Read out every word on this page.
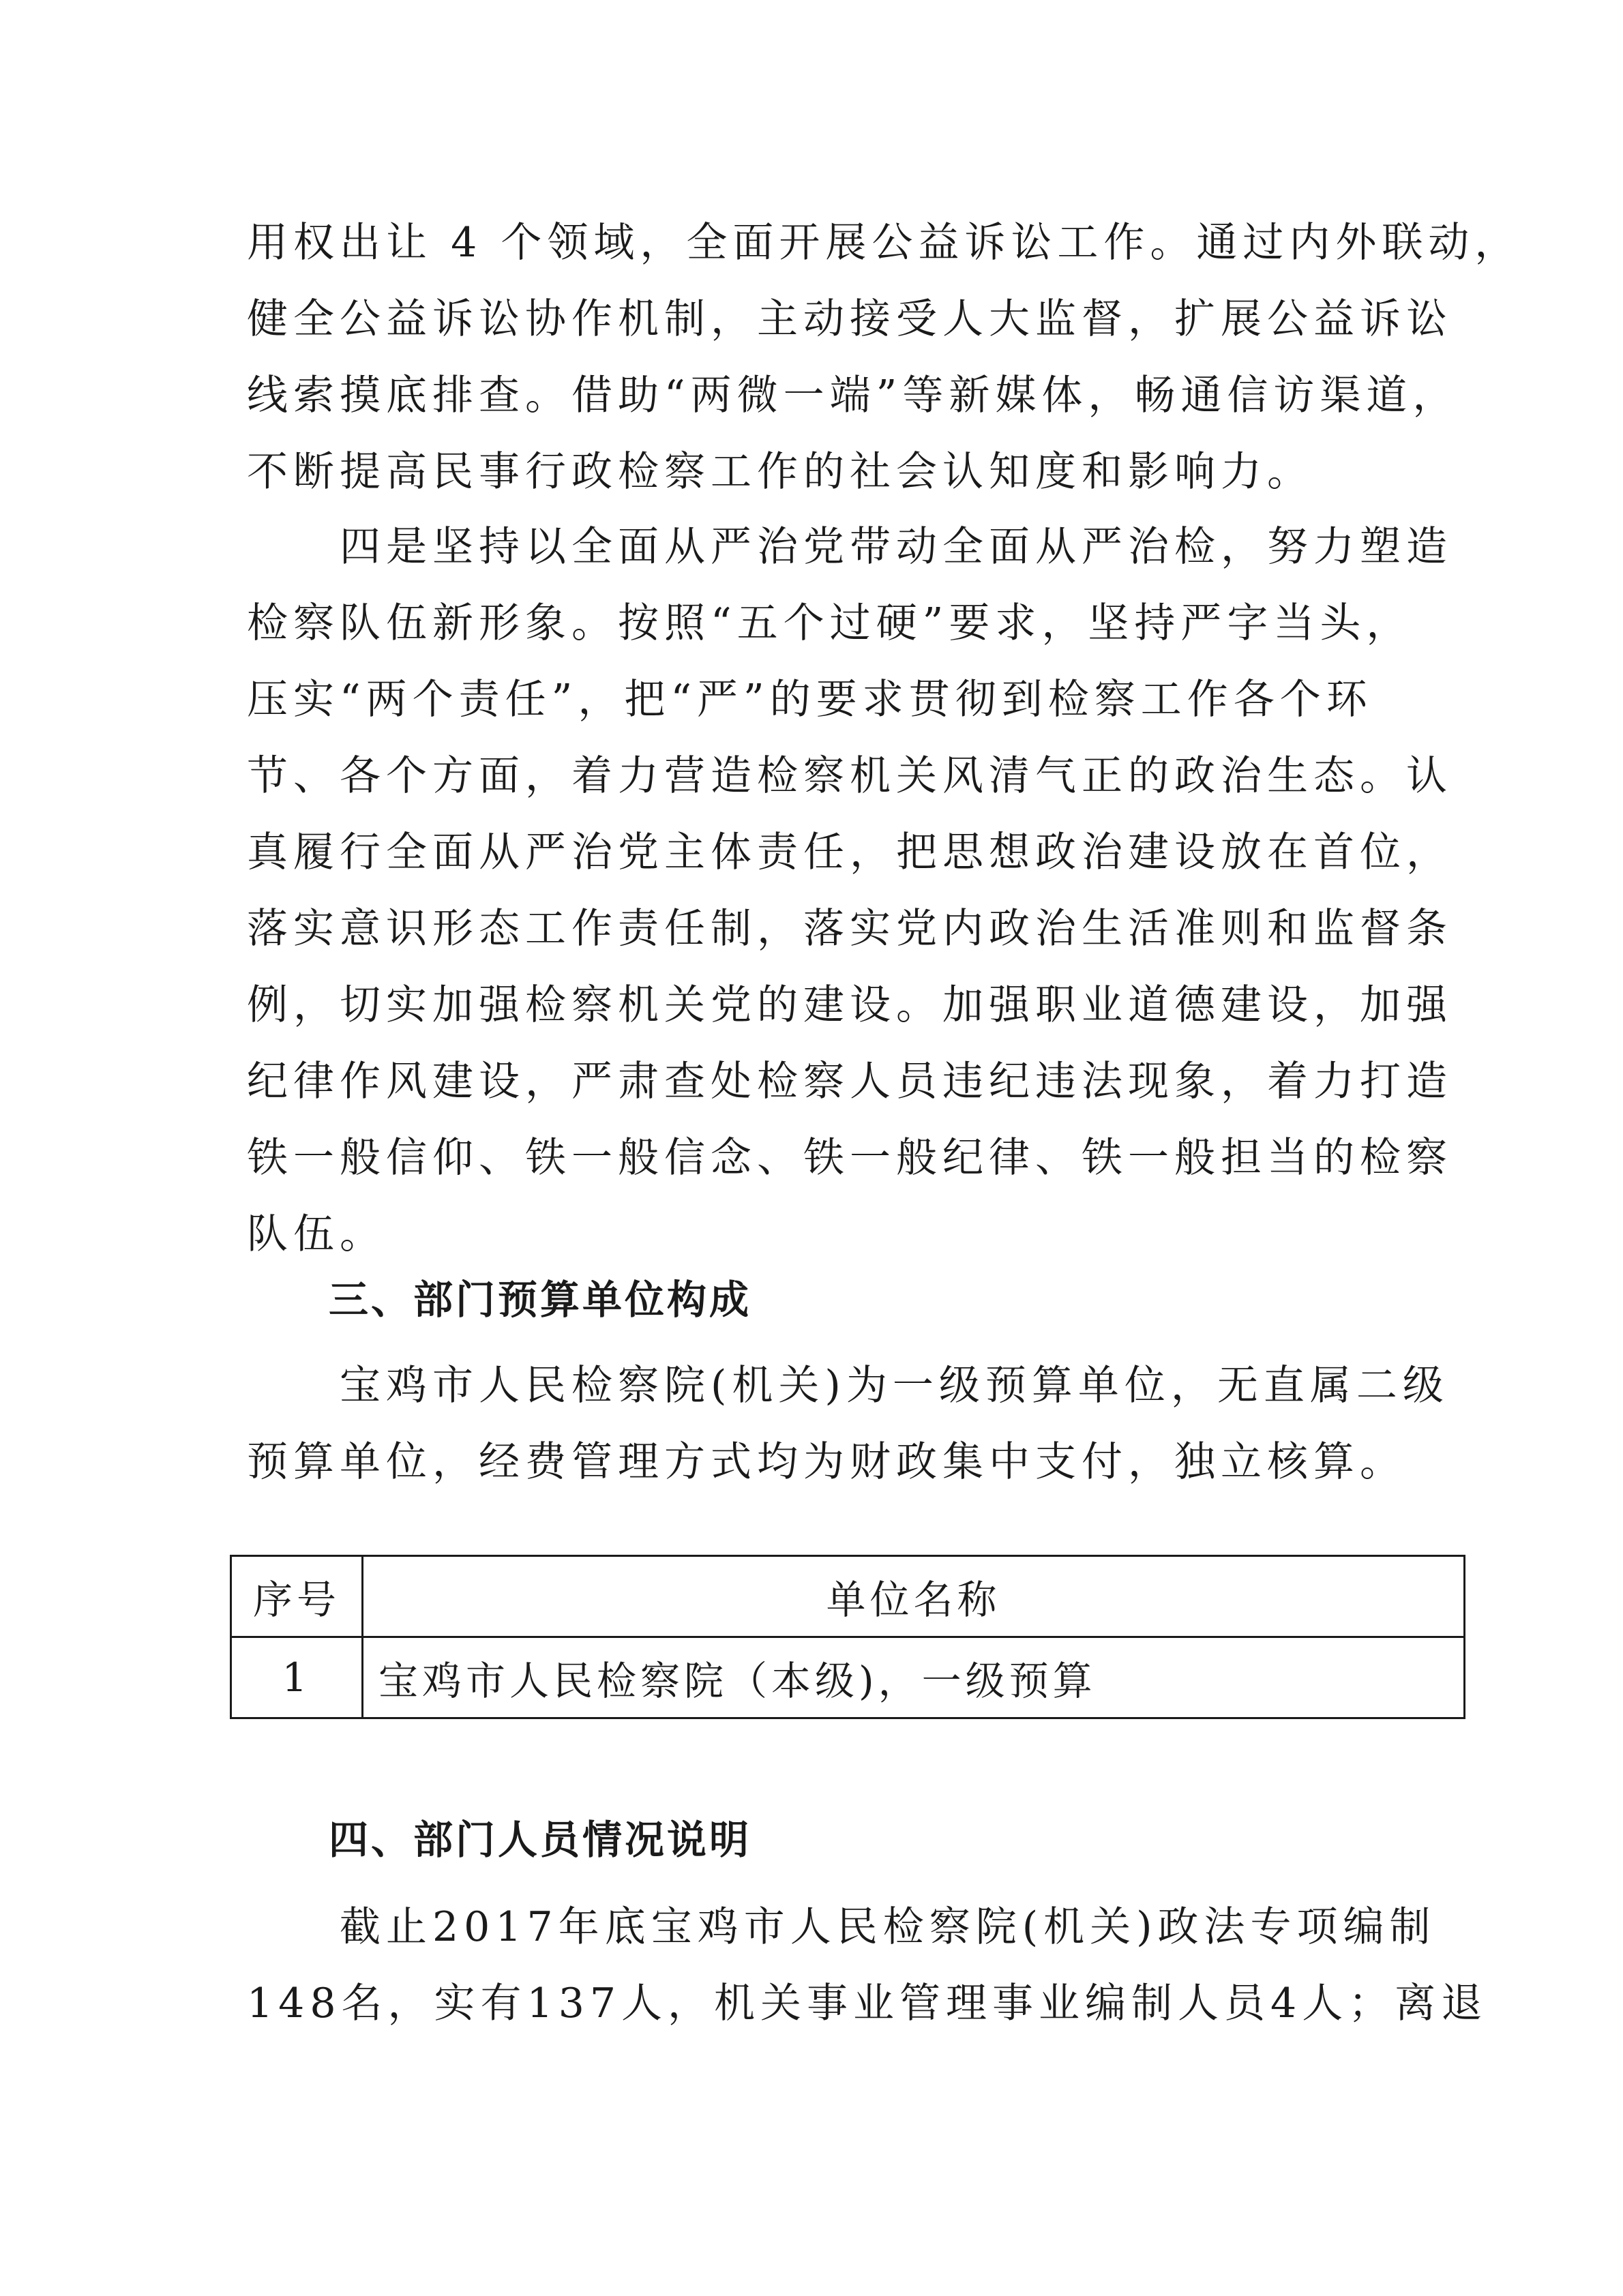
用权出让 4 个领域，全面开展公益诉讼工作。通过内外联动，
健全公益诉讼协作机制，主动接受人大监督，扩展公益诉讼
线索摸底排查。借助“两微一端”等新媒体，畅通信访渠道，
不断提高民事行政检察工作的社会认知度和影响力。
　　四是坚持以全面从严治党带动全面从严治检，努力塑造
检察队伍新形象。按照“五个过硬”要求，坚持严字当头，
压实“两个责任”，把“严”的要求贯彻到检察工作各个环
节、各个方面，着力营造检察机关风清气正的政治生态。认
真履行全面从严治党主体责任，把思想政治建设放在首位，
落实意识形态工作责任制，落实党内政治生活准则和监督条
例，切实加强检察机关党的建设。加强职业道德建设，加强
纪律作风建设，严肃查处检察人员违纪违法现象，着力打造
铁一般信仰、铁一般信念、铁一般纪律、铁一般担当的检察
队伍。
三、部门预算单位构成
　　宝鸡市人民检察院(机关)为一级预算单位，无直属二级
预算单位，经费管理方式均为财政集中支付，独立核算。
序号	单位名称
1	宝鸡市人民检察院（本级)，一级预算
四、部门人员情况说明
　　截止2017年底宝鸡市人民检察院(机关)政法专项编制
148名，实有137人，机关事业管理事业编制人员4人；离退
